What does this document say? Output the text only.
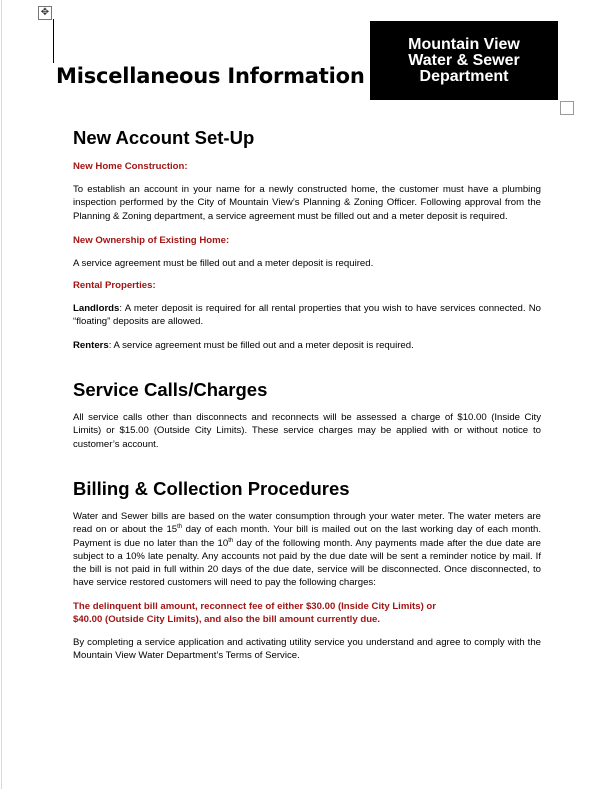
✥
Mountain View
Water & Sewer
Department
Miscellaneous Information
New Account Set-Up

New Home Construction:

To establish an account in your name for a newly constructed home, the customer must have a plumbing inspection performed by the City of Mountain View’s Planning & Zoning Officer. Following approval from the Planning & Zoning department, a service agreement must be filled out and a meter deposit is required.

New Ownership of Existing Home:

A service agreement must be filled out and a meter deposit is required.

Rental Properties:

Landlords: A meter deposit is required for all rental properties that you wish to have services connected. No “floating” deposits are allowed.

Renters: A service agreement must be filled out and a meter deposit is required.

Service Calls/Charges

All service calls other than disconnects and reconnects will be assessed a charge of $10.00 (Inside City Limits) or $15.00 (Outside City Limits). These service charges may be applied with or without notice to customer’s account.

Billing & Collection Procedures

Water and Sewer bills are based on the water consumption through your water meter. The water meters are read on or about the 15th day of each month. Your bill is mailed out on the last working day of each month. Payment is due no later than the 10th day of the following month. Any payments made after the due date are subject to a 10% late penalty. Any accounts not paid by the due date will be sent a reminder notice by mail. If the bill is not paid in full within 20 days of the due date, service will be disconnected. Once disconnected, to have service restored customers will need to pay the following charges:

The delinquent bill amount, reconnect fee of either $30.00 (Inside City Limits) or

$40.00 (Outside City Limits), and also the bill amount currently due.

By completing a service application and activating utility service you understand and agree to comply with the Mountain View Water Department’s Terms of Service.
